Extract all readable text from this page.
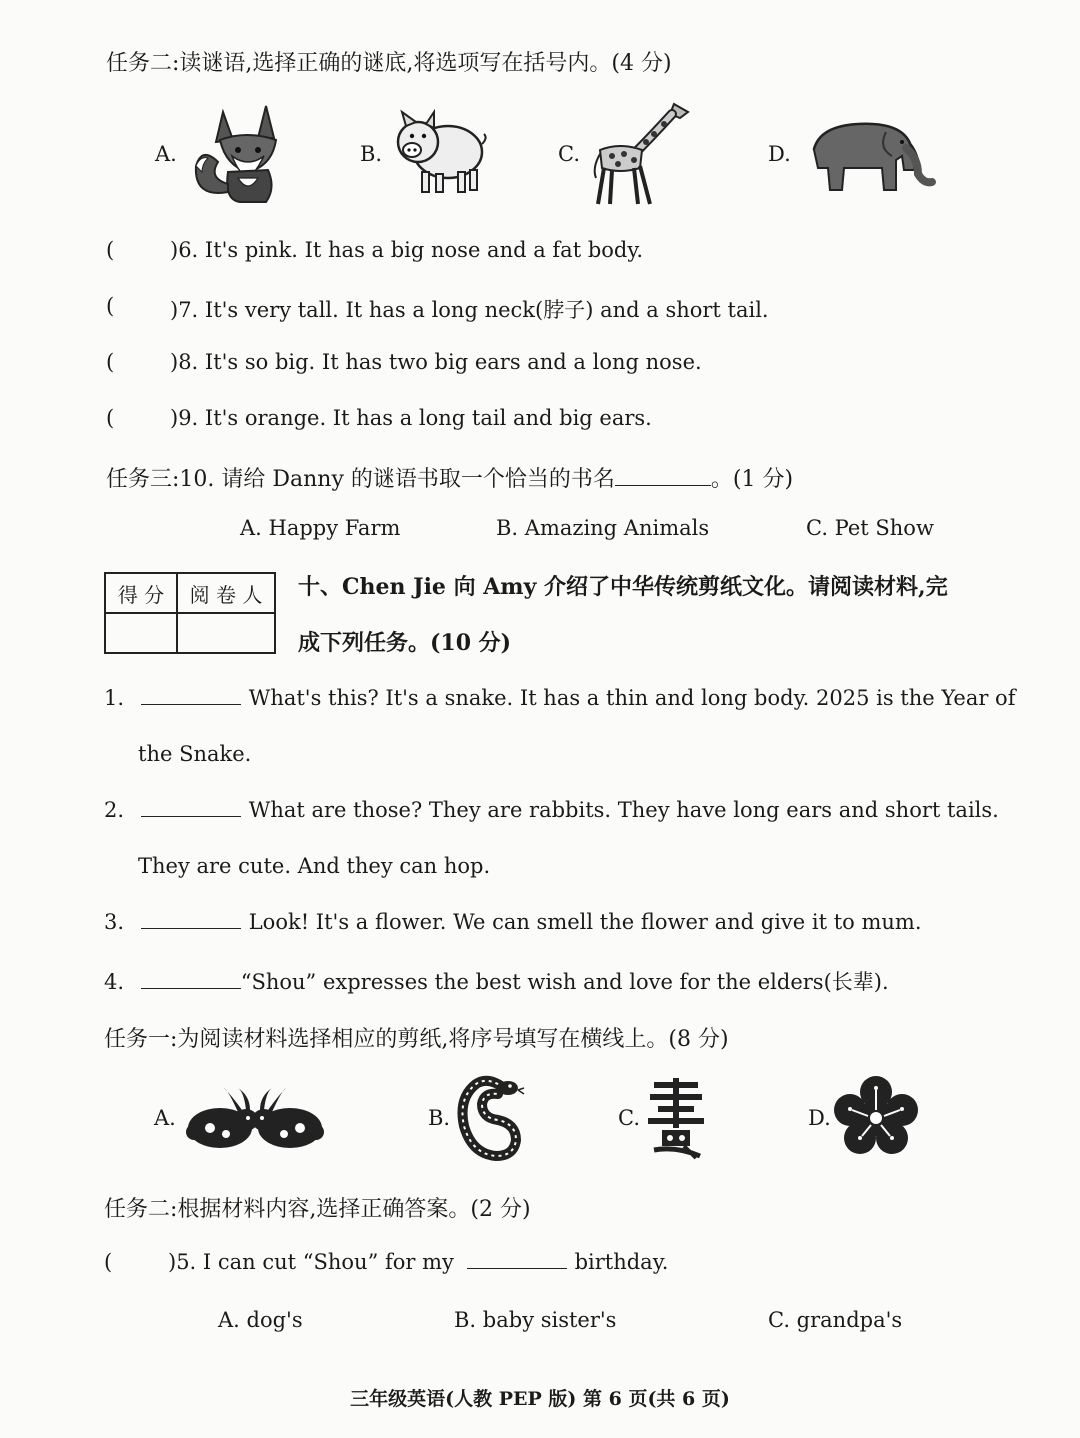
任务二:读谜语,选择正确的谜底,将选项写在括号内。(4 分)
A.	B.	C.	D.
(	)6. It's pink. It has a big nose and a fat body.
(	)7. It's very tall. It has a long neck(脖子) and a short tail.
(	)8. It's so big. It has two big ears and a long nose.
(	)9. It's orange. It has a long tail and big ears.
任务三:10. 请给 Danny 的谜语书取一个恰当的书名	。(1 分)
A. Happy Farm	B. Amazing Animals	C. Pet Show
得 分	阅 卷 人
	十、Chen Jie 向 Amy 介绍了中华传统剪纸文化。请阅读材料,完
成下列任务。(10 分)
1.	What's this? It's a snake. It has a thin and long body. 2025 is the Year of
the Snake.
2.	What are those? They are rabbits. They have long ears and short tails.
They are cute. And they can hop.
3.	Look! It's a flower. We can smell the flower and give it to mum.
4.	“Shou” expresses the best wish and love for the elders(长辈).
任务一:为阅读材料选择相应的剪纸,将序号填写在横线上。(8 分)
A.	B.	C.	D.
任务二:根据材料内容,选择正确答案。(2 分)
(	)5. I can cut “Shou” for my	birthday.
A. dog's	B. baby sister's	C. grandpa's
三年级英语(人教 PEP 版) 第 6 页(共 6 页)
